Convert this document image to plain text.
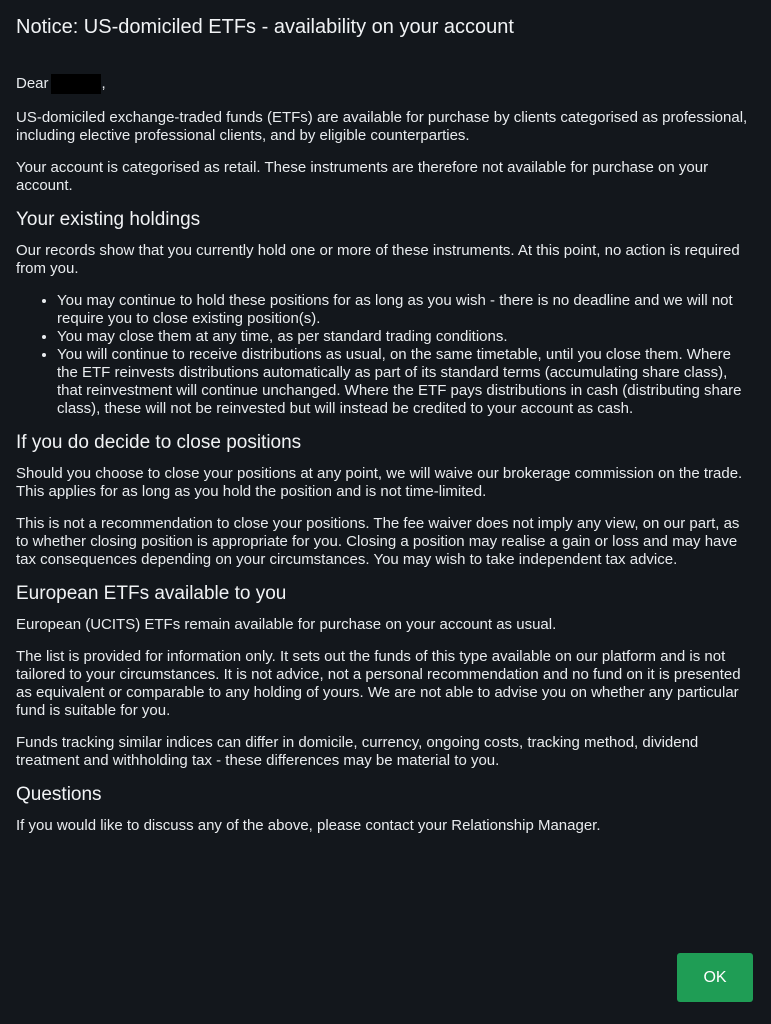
Notice: US-domiciled ETFs - availability on your account
Dear	,

US-domiciled exchange-traded funds (ETFs) are available for purchase by clients categorised as professional, including elective professional clients, and by eligible counterparties.

Your account is categorised as retail. These instruments are therefore not available for purchase on your account.

Your existing holdings

Our records show that you currently hold one or more of these instruments. At this point, no action is required from you.

• You may continue to hold these positions for as long as you wish - there is no deadline and we will not require you to close existing position(s).
• You may close them at any time, as per standard trading conditions.
• You will continue to receive distributions as usual, on the same timetable, until you close them. Where the ETF reinvests distributions automatically as part of its standard terms (accumulating share class), that reinvestment will continue unchanged. Where the ETF pays distributions in cash (distributing share class), these will not be reinvested but will instead be credited to your account as cash.
If you do decide to close positions

Should you choose to close your positions at any point, we will waive our brokerage commission on the trade. This applies for as long as you hold the position and is not time-limited.

This is not a recommendation to close your positions. The fee waiver does not imply any view, on our part, as to whether closing position is appropriate for you. Closing a position may realise a gain or loss and may have tax consequences depending on your circumstances. You may wish to take independent tax advice.

European ETFs available to you

European (UCITS) ETFs remain available for purchase on your account as usual.

The list is provided for information only. It sets out the funds of this type available on our platform and is not tailored to your circumstances. It is not advice, not a personal recommendation and no fund on it is presented as equivalent or comparable to any holding of yours. We are not able to advise you on whether any particular fund is suitable for you.

Funds tracking similar indices can differ in domicile, currency, ongoing costs, tracking method, dividend treatment and withholding tax - these differences may be material to you.

Questions

If you would like to discuss any of the above, please contact your Relationship Manager.

OK
